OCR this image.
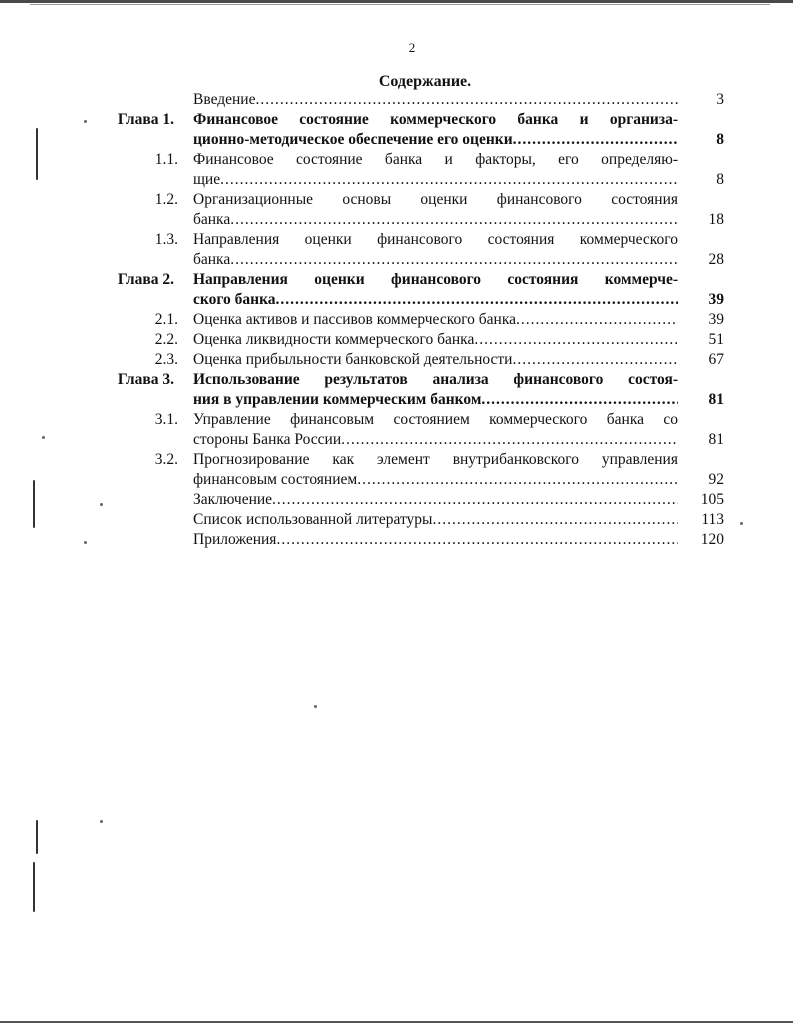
2
Содержание.
Введение .....	3
Глава 1. Финансовое состояние коммерческого банка и организа-
ционно-методическое обеспечение его оценки .....	8
1.1. Финансовое состояние банка и факторы, его определяю-
щие .....	8
1.2. Организационные основы оценки финансового состояния
банка .....	18
1.3. Направления оценки финансового состояния коммерческого
банка .....	28
Глава 2. Направления оценки финансового состояния коммерче-
ского банка .....	39
2.1. Оценка активов и пассивов коммерческого банка .....	39
2.2. Оценка ликвидности коммерческого банка .....	51
2.3. Оценка прибыльности банковской деятельности .....	67
Глава 3. Использование результатов анализа финансового состоя-
ния в управлении коммерческим банком .....	81
3.1. Управление финансовым состоянием коммерческого банка со
стороны Банка России .....	81
3.2. Прогнозирование как элемент внутрибанковского управления
финансовым состоянием .....	92
Заключение .....	105
Список использованной литературы .....	113
Приложения .....	120
